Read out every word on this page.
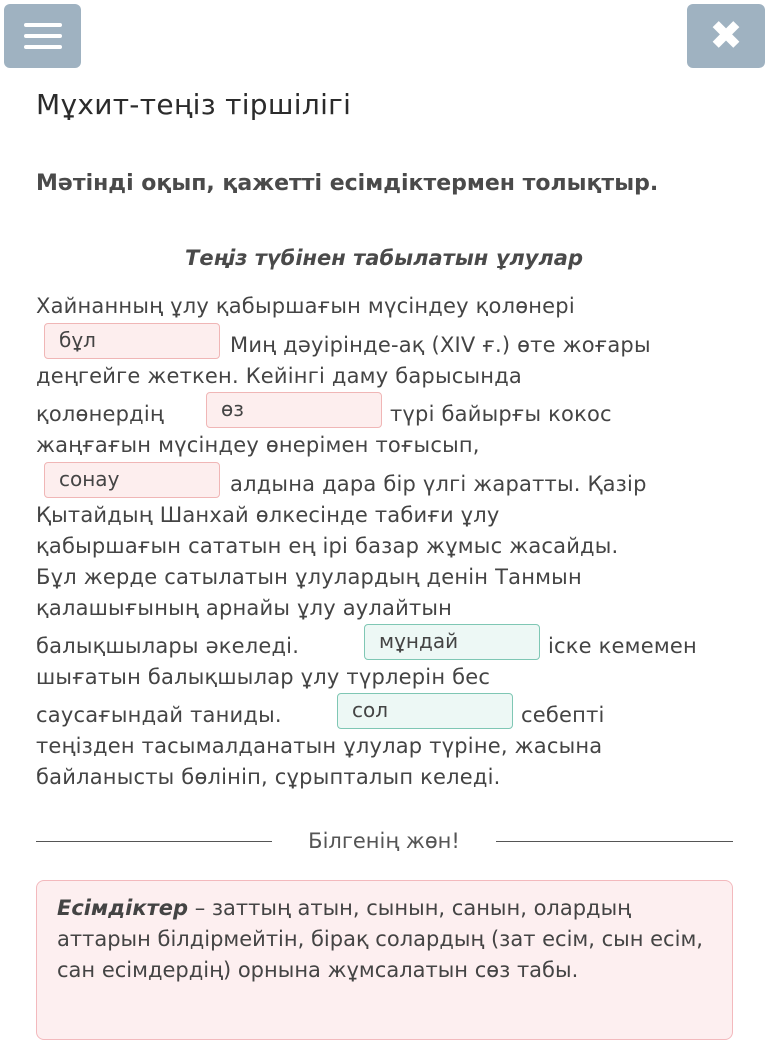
✖
Мұхит-теңіз тіршілігі
Мәтінді оқып, қажетті есімдіктермен толықтыр.
Теңіз түбінен табылатын ұлулар
Хайнанның ұлу қабыршағын мүсіндеу қолөнері
бұл	Миң дәуірінде-ақ (XIV ғ.) өте жоғары
деңгейге жеткен. Кейінгі даму барысында
қолөнердің	өз	түрі байырғы кокос
жаңғағын мүсіндеу өнерімен тоғысып,
сонау	алдына дара бір үлгі жаратты. Қазір
Қытайдың Шанхай өлкесінде табиғи ұлу
қабыршағын сататын ең ірі базар жұмыс жасайды.
Бұл жерде сатылатын ұлулардың денін Танмын
қалашығының арнайы ұлу аулайтын
балықшылары әкеледі.	мұндай	іске кемемен
шығатын балықшылар ұлу түрлерін бес
саусағындай таниды.	сол	себепті
теңізден тасымалданатын ұлулар түріне, жасына
байланысты бөлініп, сұрыпталып келеді.
Білгенің жөн!
Есімдіктер – заттың атын, сынын, санын, олардың аттарын білдірмейтін, бірақ солардың (зат есім, сын есім, сан есімдердің) орнына жұмсалатын сөз табы.
